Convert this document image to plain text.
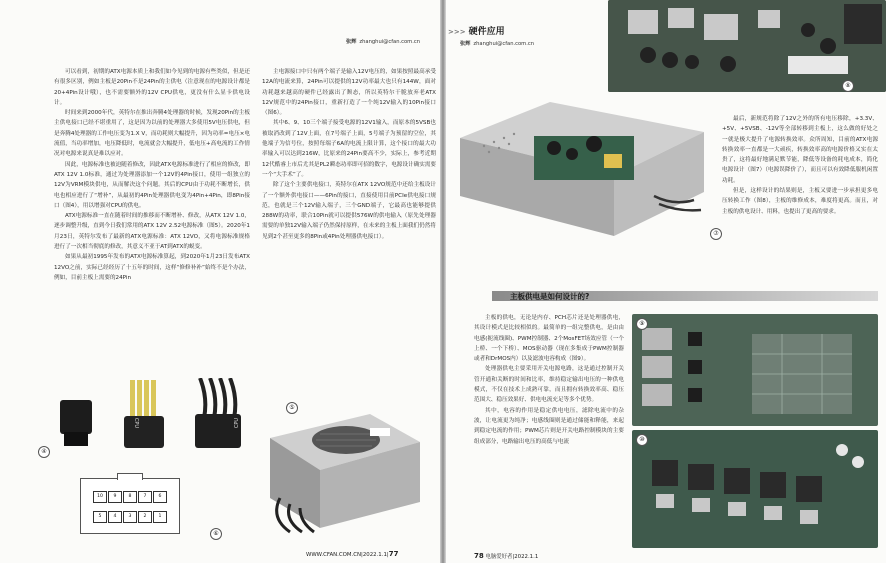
张辉 zhanghui@cfan.com.cn

可以看到，初期的ATX电源本质上和我们如今见到的电源有些类似，但是还有很多区别，例如主板是20Pin不是24Pin的主供电（注意现在的电源设计都是20+4Pin设计哦），也不需要额外的12V CPU供电，更没有什么显卡供电设计。

时间来到2000年代，英特尔在推出奔腾4处理器的时候，发现20Pin的主板主供电接口已经不堪重用了，这是因为以前的处理器大多使用5V电压供电，但是奔腾4处理器的工作电压变为1.X V，而功耗则大幅提升，因为功率=电压×电流值，当功率增加，电压降低时，电流就会大幅提升，低电压+高电流的工作情况对电源来说真是难以应对。

因此，电源标准也被迫随着修改，因此ATX电源标准进行了相应的修改，即ATX 12V 1.0标准，通过为处理器添加一个12V的4Pin接口，使用一组独立的12V为VRM模块供电，从而解决这个问题。其后的CPU由于功耗不断增长，供电也相应进行了“增补”，从最初的4Pin处理器供电变为4Pin+4Pin，即8Pin接口（图4），用以增强对CPU的供电。

ATX电源标准一直在随着时间的推移而不断增补、修改，从ATX 12V 1.0，逐步调整升级，直到今日我们常用的ATX 12V 2.52电源标准（图5）。2020年1月23日，英特尔发布了最新的ATX电源标准：ATX 12VO，又将电源标准规格进行了一次相当彻底的修改，其意义不亚于AT到ATX的蜕变。

如果从最初1995年发布的ATX电源标准算起，到2020年1月23日发布ATX 12VO之前，实际已经经历了十五年的时间，这样“修修补补”始终不是个办法，例如，目前主板上需要的24Pin

主电源接口中只有两个端子是输入12V电压的，如果按照最高承受12A的电流来算，24Pin可以提供的12V功率最大也只有144W，面对功耗越来越高的硬件已经露出了颓态，所以英特尔干脆放弃老ATX 12V规范中的24Pin接口，重新打造了一个纯12V输入的10Pin接口（图6）。

其中6、9、10三个端子接受电源的12V1输入，而原本的5VSB也被取消改到了12V上面，在7号端子上面，5号端子为预留的空位，其他端子为信号位，按照每端子6A的电流上限计算，这个接口的最大功率输入可以达到216W，比原来的24Pin要高不少，实际上，参考近期12代酷睿上市后尤其是PL2瞬态功率即可招的数字，电源设计确实需要一个“大手术”了。

除了这个主要供电接口，英特尔在ATX 12VO规范中还给主板设计了一个额外供电接口——6Pin的接口，直接使用目前PCIe供电接口规范，也就是三个12V输入端子，三个GND端子，它最高也能够提供288W的功率，联合10Pin就可以提供576W的供电输入（原先处理器需要的单独12V输入端子仍然保持原样，在未来的主板上面我们仍然将见到2个甚至更多的8Pin或4Pin处理器供电接口）。

CPU	CPU
④
⑤
10	9	8	7	6
5	4	3	2	1
⑥
WWW.CFAN.COM.CN|2022.1.1|77
>>> 硬件应用
张辉 zhanghui@cfan.com.cn
⑧
⑦

最后，新规范将除了12V之外的所有电压移除，+3.3V、+5V、+5VSB、-12V等全部转移到主板上，这么做的好处之一就是极大提升了电源转换效率。众所周知，目前的ATX电源转换效率一直都是一大顽疾，转换效率高的电源价格又实在太贵了，这将最好地满足默节能，降低等设备的耗电成本，简化电源设计（图7）（电源误降价了），而且可以有效降低服机闲置功耗。

但是，这样设计的结果则是，主板又要进一步承担更多电压转换工作（图8），主板的维修成本，难度将更高。而且，对主板的供电设计、用料，也提出了更高的要求。

主板供电是如何设计的?

主板的供电，无论是内存、PCH芯片还是处理器供电，其设计模式是比较相似的。最简单的一组完整供电，是由由电感(扼流线圈)、PWM控制器、2个MosFET场效应管（一个上桥、一个下桥）、MOS驱动器（现在多集成于PWM控制器或者和DrMOS内）以及滤波电容构成（图9）。

处理器供电主要采用开关电源电路，这是通过控制开关管开通和关断的时间和比率，维持稳定输出电压的一种供电模式，不仅在技术上成熟可靠，而且拥有转换效率高、稳压范围大、稳压效果好、供电电流充足等多个优势。

其中，电容的作用是稳定供电电压，滤除电流中的杂波，让电流更为纯净；电感线圈则是通过储能和释能，来起到稳定电流的作用；PWM芯片则是开关电路控制模块的主要组成部分，电路输出电压的高低与电流

⑨
⑩
78 电脑爱好者|2022.1.1
